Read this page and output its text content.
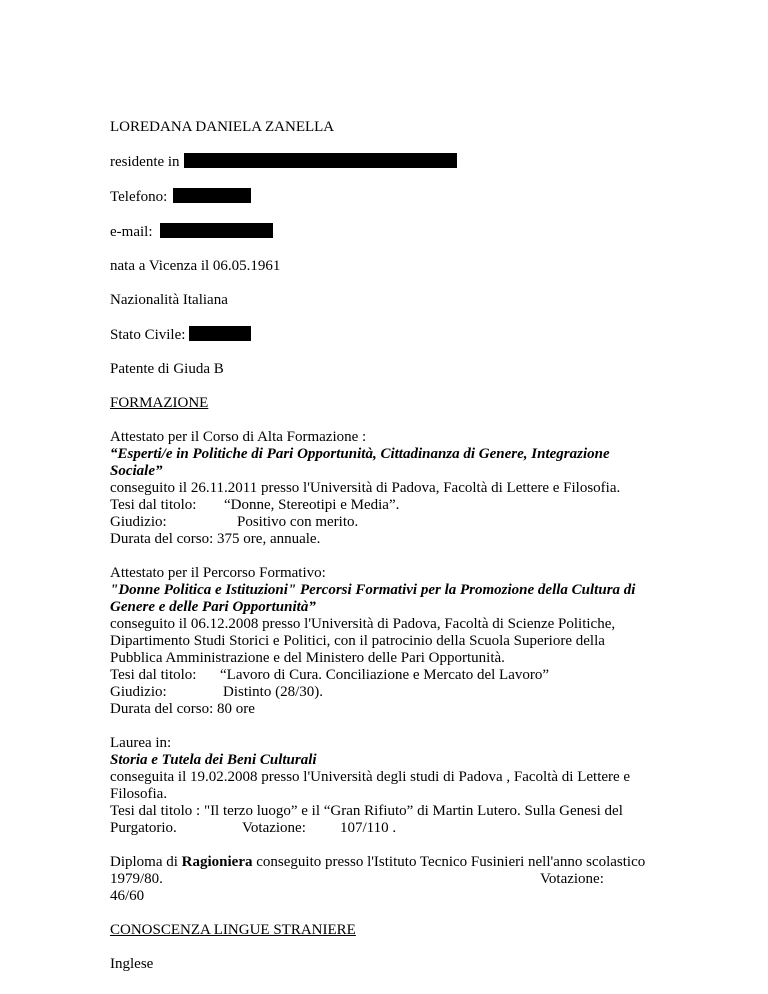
LOREDANA DANIELA ZANELLA
residente in
Telefono:
e-mail:
nata a Vicenza il 06.05.1961
Nazionalità Italiana
Stato Civile:
Patente di Giuda B
FORMAZIONE
Attestato per il Corso di Alta Formazione :
“Esperti/e in Politiche di Pari Opportunità, Cittadinanza di Genere, Integrazione
Sociale”
conseguito il 26.11.2011 presso l'Università di Padova, Facoltà di Lettere e Filosofia.
Tesi dal titolo: “Donne, Stereotipi e Media”.
Giudizio:	Positivo con merito.
Durata del corso: 375 ore, annuale.
Attestato per il Percorso Formativo:
"Donne Politica e Istituzioni" Percorsi Formativi per la Promozione della Cultura di
Genere e delle Pari Opportunità”
conseguito il 06.12.2008 presso l'Università di Padova, Facoltà di Scienze Politiche,
Dipartimento Studi Storici e Politici, con il patrocinio della Scuola Superiore della
Pubblica Amministrazione e del Ministero delle Pari Opportunità.
Tesi dal titolo: “Lavoro di Cura. Conciliazione e Mercato del Lavoro”
Giudizio:	Distinto (28/30).
Durata del corso: 80 ore
Laurea in:
Storia e Tutela dei Beni Culturali
conseguita il 19.02.2008 presso l'Università degli studi di Padova , Facoltà di Lettere e
Filosofia.
Tesi dal titolo : "Il terzo luogo” e il “Gran Rifiuto” di Martin Lutero. Sulla Genesi del
Purgatorio.	Votazione: 107/110 .
Diploma di Ragioniera conseguito presso l'Istituto Tecnico Fusinieri nell'anno scolastico
1979/80.	Votazione:
46/60
CONOSCENZA LINGUE STRANIERE
Inglese
